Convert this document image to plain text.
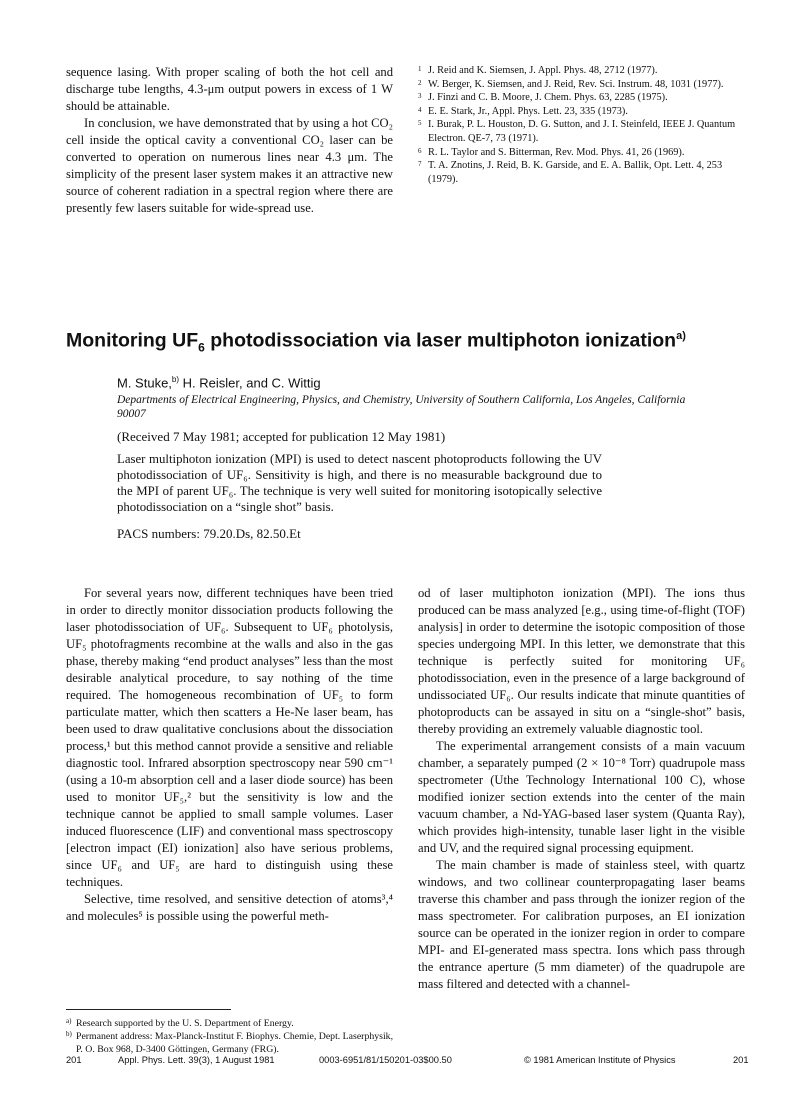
sequence lasing. With proper scaling of both the hot cell and discharge tube lengths, 4.3-μm output powers in excess of 1 W should be attainable.

In conclusion, we have demonstrated that by using a hot CO₂ cell inside the optical cavity a conventional CO₂ laser can be converted to operation on numerous lines near 4.3 μm. The simplicity of the present laser system makes it an attractive new source of coherent radiation in a spectral region where there are presently few lasers suitable for wide-spread use.

1 J. Reid and K. Siemsen, J. Appl. Phys. 48, 2712 (1977).
2 W. Berger, K. Siemsen, and J. Reid, Rev. Sci. Instrum. 48, 1031 (1977).
3 J. Finzi and C. B. Moore, J. Chem. Phys. 63, 2285 (1975).
4 E. E. Stark, Jr., Appl. Phys. Lett. 23, 335 (1973).
5 I. Burak, P. L. Houston, D. G. Sutton, and J. I. Steinfeld, IEEE J. Quantum Electron. QE-7, 73 (1971).
6 R. L. Taylor and S. Bitterman, Rev. Mod. Phys. 41, 26 (1969).
7 T. A. Znotins, J. Reid, B. K. Garside, and E. A. Ballik, Opt. Lett. 4, 253 (1979).
Monitoring $UF_6$ photodissociation via laser multiphoton ionization$^{a)}$
M. Stuke,$^{b)}$ H. Reisler, and C. Wittig
Departments of Electrical Engineering, Physics, and Chemistry, University of Southern California, Los Angeles, California 90007
(Received 7 May 1981; accepted for publication 12 May 1981)
Laser multiphoton ionization (MPI) is used to detect nascent photoproducts following the UV photodissociation of UF₆. Sensitivity is high, and there is no measurable background due to the MPI of parent UF₆. The technique is very well suited for monitoring isotopically selective photodissociation on a “single shot” basis.
PACS numbers: 79.20.Ds, 82.50.Et

For several years now, different techniques have been tried in order to directly monitor dissociation products following the laser photodissociation of UF₆. Subsequent to UF₆ photolysis, UF₅ photofragments recombine at the walls and also in the gas phase, thereby making “end product analyses” less than the most desirable analytical procedure, to say nothing of the time required. The homogeneous recombination of UF₅ to form particulate matter, which then scatters a He-Ne laser beam, has been used to draw qualitative conclusions about the dissociation process,¹ but this method cannot provide a sensitive and reliable diagnostic tool. Infrared absorption spectroscopy near 590 cm⁻¹ (using a 10-m absorption cell and a laser diode source) has been used to monitor UF₅,² but the sensitivity is low and the technique cannot be applied to small sample volumes. Laser induced fluorescence (LIF) and conventional mass spectroscopy [electron impact (EI) ionization] also have serious problems, since UF₆ and UF₅ are hard to distinguish using these techniques.

Selective, time resolved, and sensitive detection of atoms³,⁴ and molecules⁵ is possible using the powerful meth-

od of laser multiphoton ionization (MPI). The ions thus produced can be mass analyzed [e.g., using time-of-flight (TOF) analysis] in order to determine the isotopic composition of those species undergoing MPI. In this letter, we demonstrate that this technique is perfectly suited for monitoring UF₆ photodissociation, even in the presence of a large background of undissociated UF₆. Our results indicate that minute quantities of photoproducts can be assayed in situ on a “single-shot” basis, thereby providing an extremely valuable diagnostic tool.

The experimental arrangement consists of a main vacuum chamber, a separately pumped (2 × 10⁻⁸ Torr) quadrupole mass spectrometer (Uthe Technology International 100 C), whose modified ionizer section extends into the center of the main vacuum chamber, a Nd-YAG-based laser system (Quanta Ray), which provides high-intensity, tunable laser light in the visible and UV, and the required signal processing equipment.

The main chamber is made of stainless steel, with quartz windows, and two collinear counterpropagating laser beams traverse this chamber and pass through the ionizer region of the mass spectrometer. For calibration purposes, an EI ionization source can be operated in the ionizer region in order to compare MPI- and EI-generated mass spectra. Ions which pass through the entrance aperture (5 mm diameter) of the quadrupole are mass filtered and detected with a channel-

a) Research supported by the U. S. Department of Energy.
b) Permanent address: Max-Planck-Institut F. Biophys. Chemie, Dept. Laserphysik, P. O. Box 968, D-3400 Göttingen, Germany (FRG).
201	Appl. Phys. Lett. 39(3), 1 August 1981	0003-6951/81/150201-03$00.50	© 1981 American Institute of Physics	201
